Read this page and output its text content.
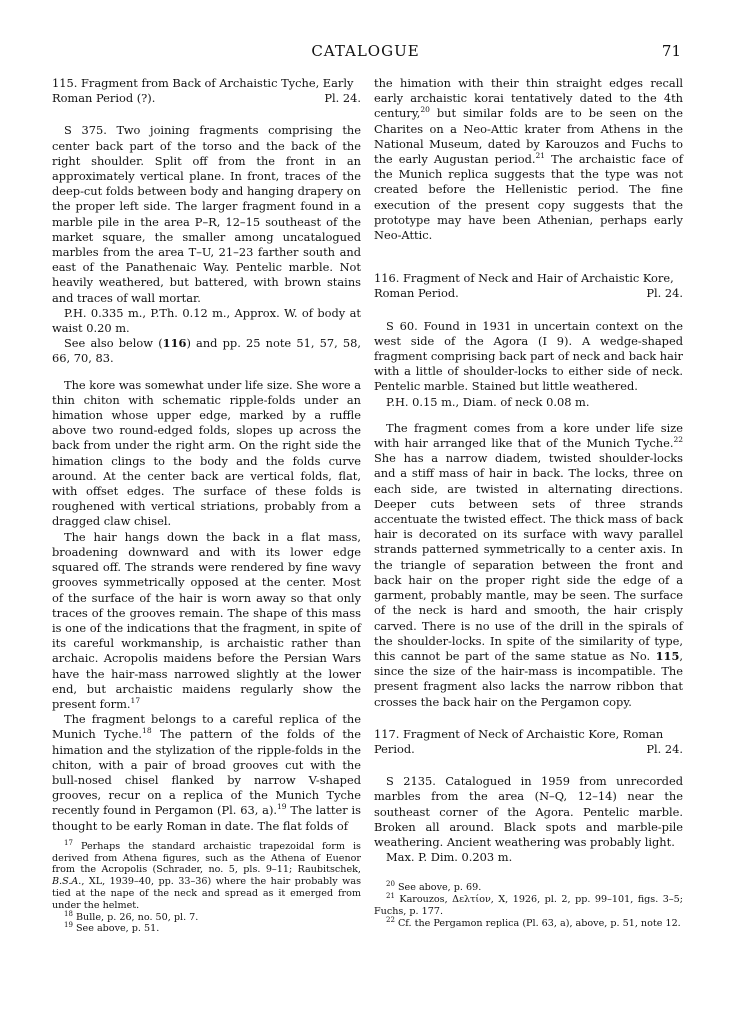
CATALOGUE	71
115. Fragment from Back of Archaistic Tyche, Early
Roman Period (?).	Pl. 24.

S 375. Two joining fragments comprising the center back part of the torso and the back of the right shoulder. Split off from the front in an approximately vertical plane. In front, traces of the deep-cut folds between body and hanging drapery on the proper left side. The larger fragment found in a marble pile in the area P–R, 12–15 southeast of the market square, the smaller among uncatalogued marbles from the area T–U, 21–23 farther south and east of the Panathenaic Way. Pentelic marble. Not heavily weathered, but battered, with brown stains and traces of wall mortar.

P.H. 0.335 m., P.Th. 0.12 m., Approx. W. of body at waist 0.20 m.

See also below (116) and pp. 25 note 51, 57, 58, 66, 70, 83.

The kore was somewhat under life size. She wore a thin chiton with schematic ripple-folds under an himation whose upper edge, marked by a ruffle above two round-edged folds, slopes up across the back from under the right arm. On the right side the himation clings to the body and the folds curve around. At the center back are vertical folds, flat, with offset edges. The surface of these folds is roughened with vertical striations, probably from a dragged claw chisel.

The hair hangs down the back in a flat mass, broadening downward and with its lower edge squared off. The strands were rendered by fine wavy grooves symmetrically opposed at the center. Most of the surface of the hair is worn away so that only traces of the grooves remain. The shape of this mass is one of the indications that the fragment, in spite of its careful workmanship, is archaistic rather than archaic. Acropolis maidens before the Persian Wars have the hair-mass narrowed slightly at the lower end, but archaistic maidens regularly show the present form.$^{17}$

The fragment belongs to a careful replica of the Munich Tyche.$^{18}$ The pattern of the folds of the himation and the stylization of the ripple-folds in the chiton, with a pair of broad grooves cut with the bull-nosed chisel flanked by narrow V-shaped grooves, recur on a replica of the Munich Tyche recently found in Pergamon (Pl. 63, a).$^{19}$ The latter is thought to be early Roman in date. The flat folds of

$^{17}$ Perhaps the standard archaistic trapezoidal form is derived from Athena figures, such as the Athena of Euenor from the Acropolis (Schrader, no. 5, pls. 9–11; Raubitschek, B.S.A., XL, 1939–40, pp. 33–36) where the hair probably was tied at the nape of the neck and spread as it emerged from under the helmet.

$^{18}$ Bulle, p. 26, no. 50, pl. 7.

$^{19}$ See above, p. 51.

the himation with their thin straight edges recall early archaistic korai tentatively dated to the 4th century,$^{20}$ but similar folds are to be seen on the Charites on a Neo-Attic krater from Athens in the National Museum, dated by Karouzos and Fuchs to the early Augustan period.$^{21}$ The archaistic face of the Munich replica suggests that the type was not created before the Hellenistic period. The fine execution of the present copy suggests that the prototype may have been Athenian, perhaps early Neo-Attic.

116. Fragment of Neck and Hair of Archaistic Kore,
Roman Period.	Pl. 24.

S 60. Found in 1931 in uncertain context on the west side of the Agora (I 9). A wedge-shaped fragment comprising back part of neck and back hair with a little of shoulder-locks to either side of neck. Pentelic marble. Stained but little weathered.

P.H. 0.15 m., Diam. of neck 0.08 m.

The fragment comes from a kore under life size with hair arranged like that of the Munich Tyche.$^{22}$ She has a narrow diadem, twisted shoulder-locks and a stiff mass of hair in back. The locks, three on each side, are twisted in alternating directions. Deeper cuts between sets of three strands accentuate the twisted effect. The thick mass of back hair is decorated on its surface with wavy parallel strands patterned symmetrically to a center axis. In the triangle of separation between the front and back hair on the proper right side the edge of a garment, probably mantle, may be seen. The surface of the neck is hard and smooth, the hair crisply carved. There is no use of the drill in the spirals of the shoulder-locks. In spite of the similarity of type, this cannot be part of the same statue as No. 115, since the size of the hair-mass is incompatible. The present fragment also lacks the narrow ribbon that crosses the back hair on the Pergamon copy.

117. Fragment of Neck of Archaistic Kore, Roman
Period.	Pl. 24.

S 2135. Catalogued in 1959 from unrecorded marbles from the area (N–Q, 12–14) near the southeast corner of the Agora. Pentelic marble. Broken all around. Black spots and marble-pile weathering. Ancient weathering was probably light.

Max. P. Dim. 0.203 m.

$^{20}$ See above, p. 69.

$^{21}$ Karouzos, Δελτίον, X, 1926, pl. 2, pp. 99–101, figs. 3–5; Fuchs, p. 177.

$^{22}$ Cf. the Pergamon replica (Pl. 63, a), above, p. 51, note 12.
